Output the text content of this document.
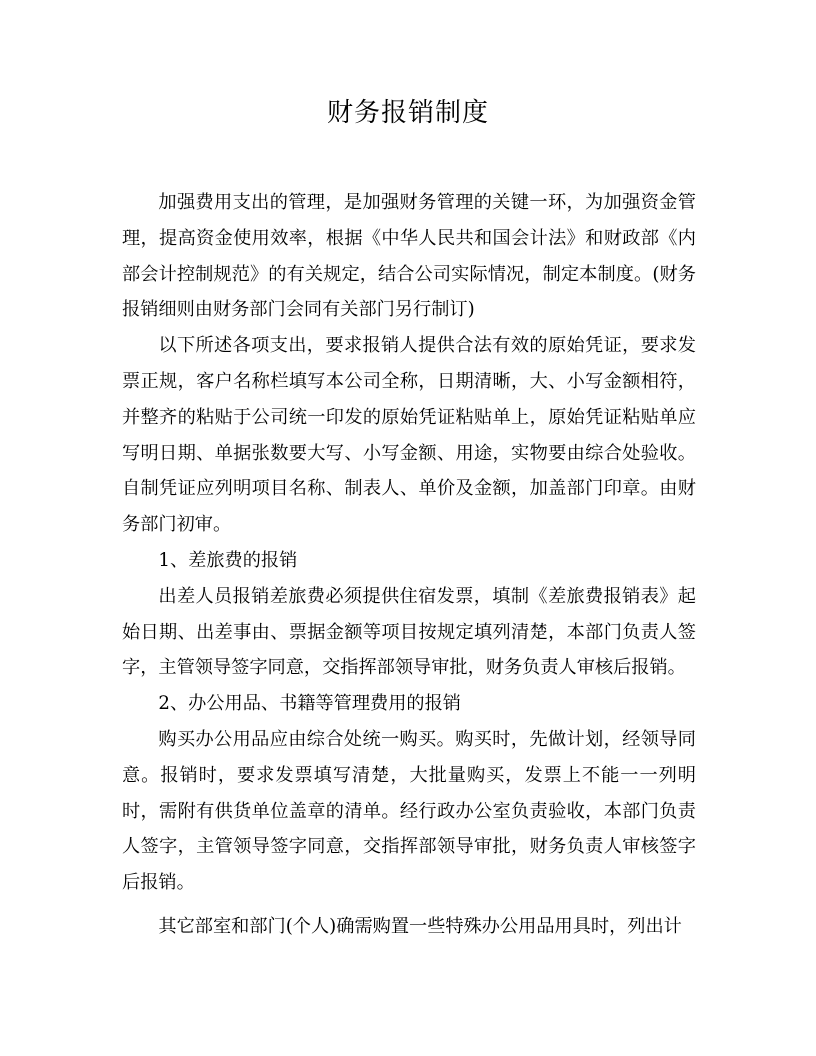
财务报销制度

加强费用支出的管理，是加强财务管理的关键一环，为加强资金管理，提高资金使用效率，根据《中华人民共和国会计法》和财政部《内部会计控制规范》的有关规定，结合公司实际情况，制定本制度。(财务报销细则由财务部门会同有关部门另行制订)

以下所述各项支出，要求报销人提供合法有效的原始凭证，要求发票正规，客户名称栏填写本公司全称，日期清晰，大、小写金额相符，并整齐的粘贴于公司统一印发的原始凭证粘贴单上，原始凭证粘贴单应写明日期、单据张数要大写、小写金额、用途，实物要由综合处验收。自制凭证应列明项目名称、制表人、单价及金额，加盖部门印章。由财务部门初审。

1、差旅费的报销

出差人员报销差旅费必须提供住宿发票，填制《差旅费报销表》起始日期、出差事由、票据金额等项目按规定填列清楚，本部门负责人签字，主管领导签字同意，交指挥部领导审批，财务负责人审核后报销。

2、办公用品、书籍等管理费用的报销

购买办公用品应由综合处统一购买。购买时，先做计划，经领导同意。报销时，要求发票填写清楚，大批量购买，发票上不能一一列明时，需附有供货单位盖章的清单。经行政办公室负责验收，本部门负责人签字，主管领导签字同意，交指挥部领导审批，财务负责人审核签字后报销。

其它部室和部门(个人)确需购置一些特殊办公用品用具时，列出计
